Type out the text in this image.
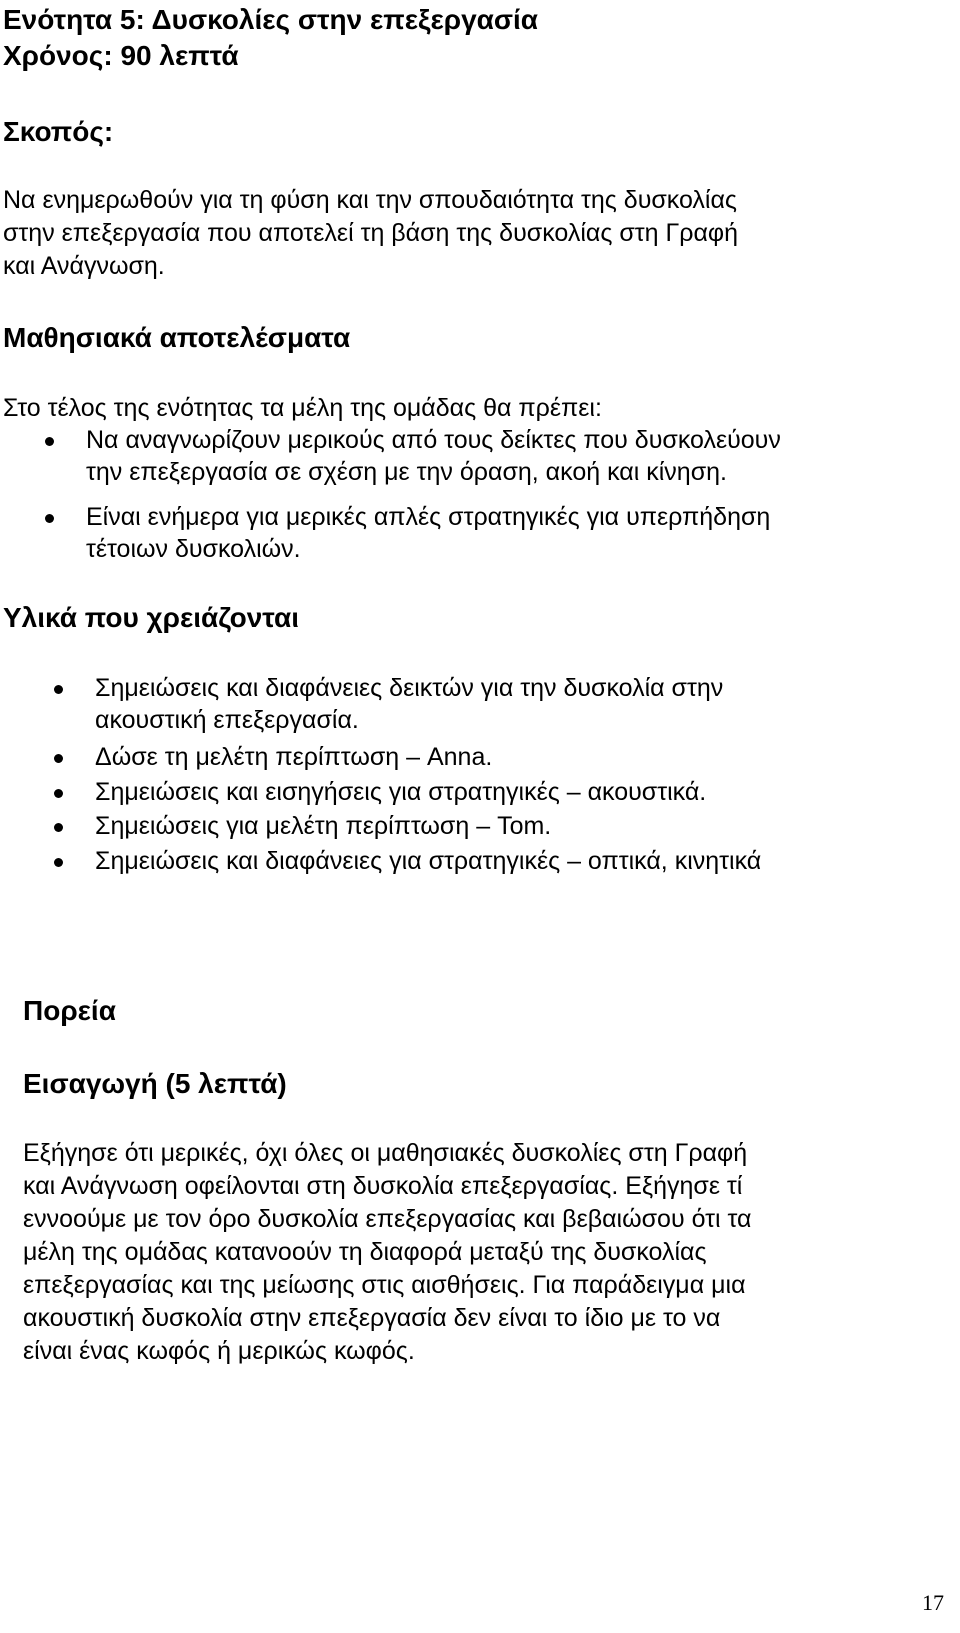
Ενότητα 5: Δυσκολίες στην επεξεργασία
Χρόνος: 90 λεπτά
Σκοπός:
Να ενημερωθούν για τη φύση και την σπουδαιότητα της δυσκολίας
στην επεξεργασία που αποτελεί τη βάση της δυσκολίας στη Γραφή
και Ανάγνωση.
Μαθησιακά αποτελέσματα
Στο τέλος της ενότητας τα μέλη της ομάδας θα πρέπει:
Να αναγνωρίζουν μερικούς από τους δείκτες που δυσκολεύουν
την επεξεργασία σε σχέση με την όραση, ακοή και κίνηση.
Είναι ενήμερα για μερικές απλές στρατηγικές για υπερπήδηση
τέτοιων δυσκολιών.
Υλικά που χρειάζονται
Σημειώσεις και διαφάνειες δεικτών για την δυσκολία στην
ακουστική επεξεργασία.
Δώσε τη μελέτη περίπτωση – Anna.
Σημειώσεις και εισηγήσεις για στρατηγικές – ακουστικά.
Σημειώσεις για μελέτη περίπτωση – Tom.
Σημειώσεις και διαφάνειες για στρατηγικές – οπτικά, κινητικά
Πορεία
Εισαγωγή (5 λεπτά)
Εξήγησε ότι μερικές, όχι όλες οι μαθησιακές δυσκολίες στη Γραφή
και Ανάγνωση οφείλονται στη δυσκολία επεξεργασίας. Εξήγησε τί
εννοούμε με τον όρο δυσκολία επεξεργασίας και βεβαιώσου ότι τα
μέλη της ομάδας κατανοούν τη διαφορά μεταξύ της δυσκολίας
επεξεργασίας και της μείωσης στις αισθήσεις. Για παράδειγμα μια
ακουστική δυσκολία στην επεξεργασία δεν είναι το ίδιο με το να
είναι ένας κωφός ή μερικώς κωφός.
17
